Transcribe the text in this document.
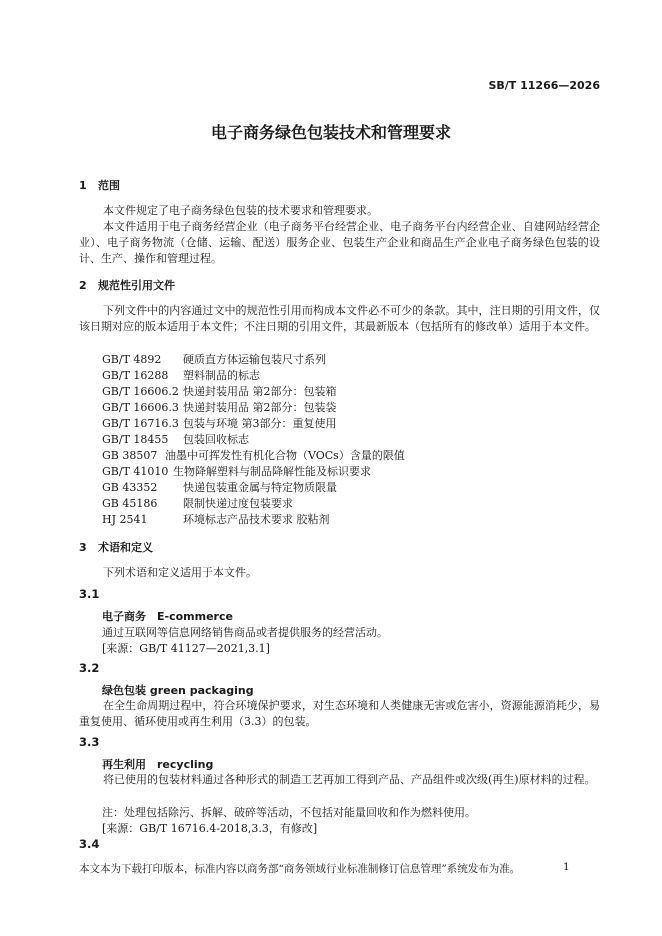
SB/T 11266—2026
电子商务绿色包装技术和管理要求
1 范围
本文件规定了电子商务绿色包装的技术要求和管理要求。
本文件适用于电子商务经营企业（电子商务平台经营企业、电子商务平台内经营企业、自建网站经营企业）、电子商务物流（仓储、运输、配送）服务企业、包装生产企业和商品生产企业电子商务绿色包装的设计、生产、操作和管理过程。
2 规范性引用文件
下列文件中的内容通过文中的规范性引用而构成本文件必不可少的条款。其中，注日期的引用文件，仅该日期对应的版本适用于本文件；不注日期的引用文件，其最新版本（包括所有的修改单）适用于本文件。
GB/T 4892 硬质直方体运输包装尺寸系列
GB/T 16288 塑料制品的标志
GB/T 16606.2 快递封装用品 第2部分：包装箱
GB/T 16606.3 快递封装用品 第2部分：包装袋
GB/T 16716.3 包装与环境 第3部分：重复使用
GB/T 18455 包装回收标志
GB 38507 油墨中可挥发性有机化合物（VOCs）含量的限值
GB/T 41010 生物降解塑料与制品降解性能及标识要求
GB 43352 快递包装重金属与特定物质限量
GB 45186 限制快递过度包装要求
HJ 2541	环境标志产品技术要求 胶粘剂
3 术语和定义
下列术语和定义适用于本文件。
3.1
电子商务　E-commerce
通过互联网等信息网络销售商品或者提供服务的经营活动。
[来源：GB/T 41127—2021,3.1]
3.2
绿色包装 green packaging
在全生命周期过程中，符合环境保护要求，对生态环境和人类健康无害或危害小，资源能源消耗少，易重复使用、循环使用或再生利用（3.3）的包装。
3.3
再生利用　recycling
将已使用的包装材料通过各种形式的制造工艺再加工得到产品、产品组件或次级(再生)原材料的过程。
注：处理包括除污、拆解、破碎等活动，不包括对能量回收和作为燃料使用。
[来源：GB/T 16716.4-2018,3.3，有修改]
3.4
本文本为下载打印版本，标准内容以商务部“商务领域行业标准制修订信息管理”系统发布为准。	1
